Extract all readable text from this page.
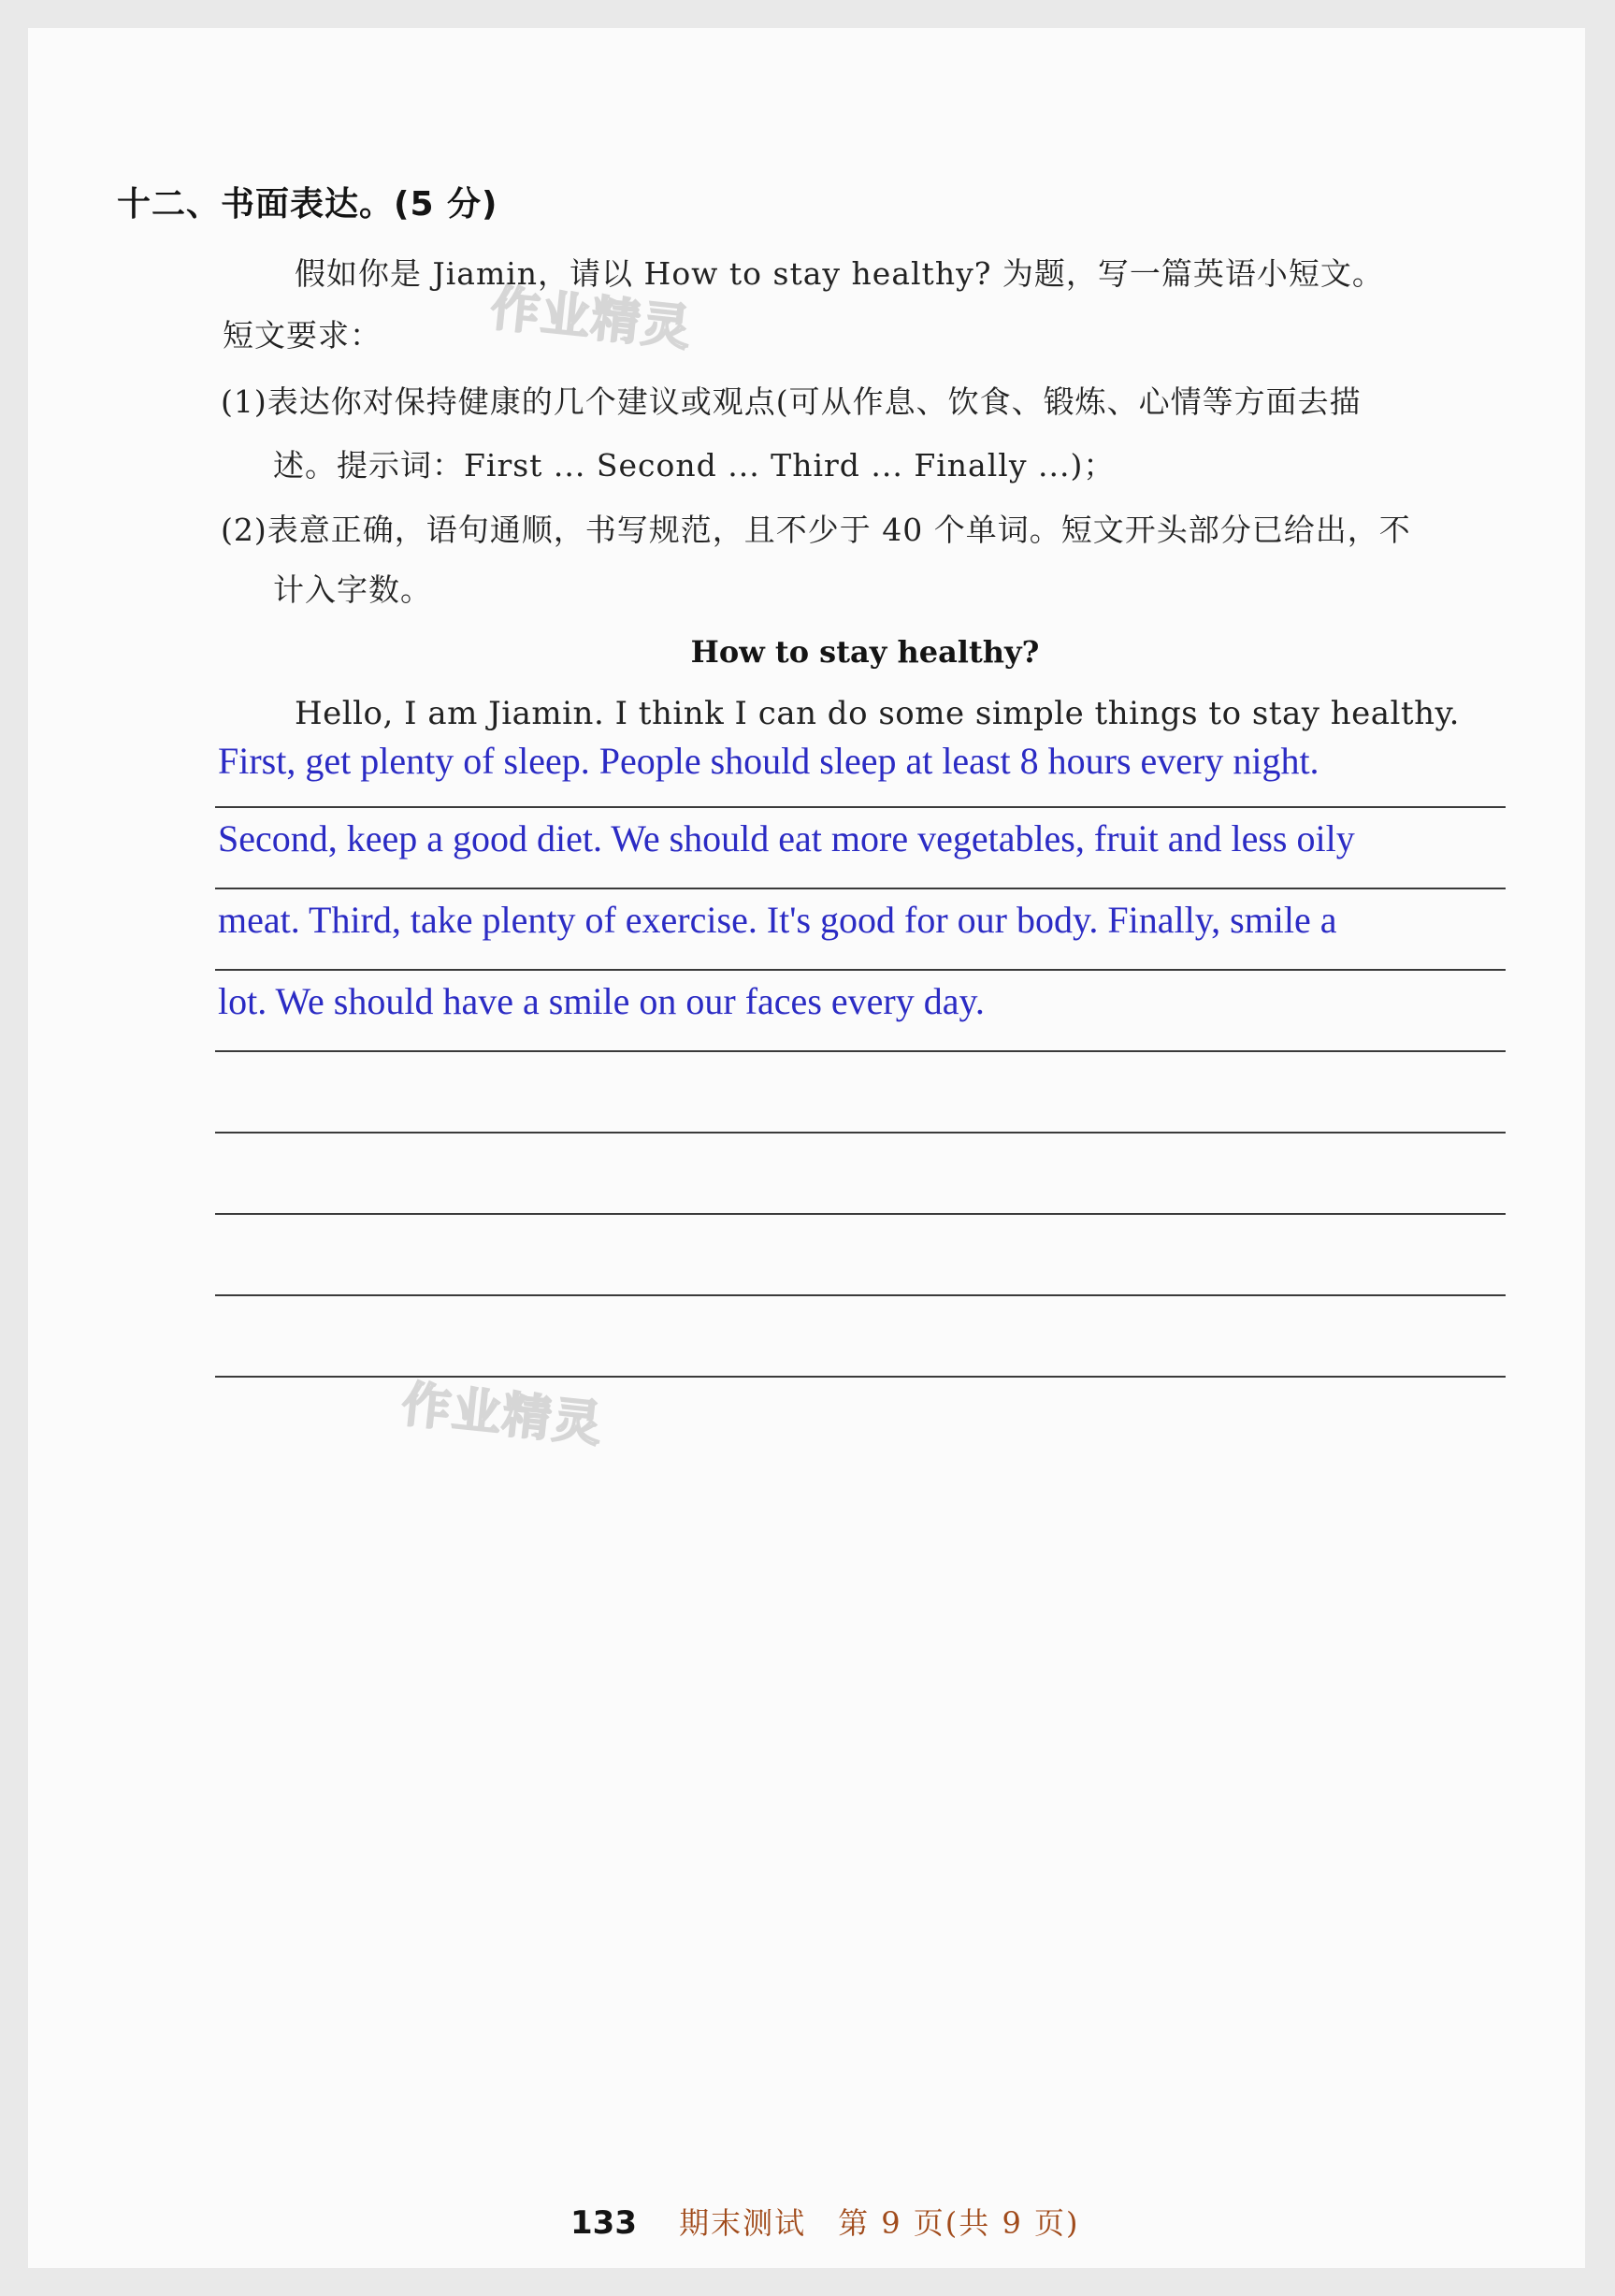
十二、书面表达。(5 分)
作业精灵
假如你是 Jiamin，请以 How to stay healthy? 为题，写一篇英语小短文。
短文要求：
(1)表达你对保持健康的几个建议或观点(可从作息、饮食、锻炼、心情等方面去描
述。提示词：First ... Second ... Third ... Finally ...)；
(2)表意正确，语句通顺，书写规范，且不少于 40 个单词。短文开头部分已给出，不
计入字数。
How to stay healthy?
Hello, I am Jiamin. I think I can do some simple things to stay healthy.
First, get plenty of sleep. People should sleep at least 8 hours every night.
Second, keep a good diet. We should eat more vegetables, fruit and less oily
meat. Third, take plenty of exercise. It's good for our body. Finally, smile a
lot. We should have a smile on our faces every day.
作业精灵
133 期末测试　第 9 页(共 9 页)
